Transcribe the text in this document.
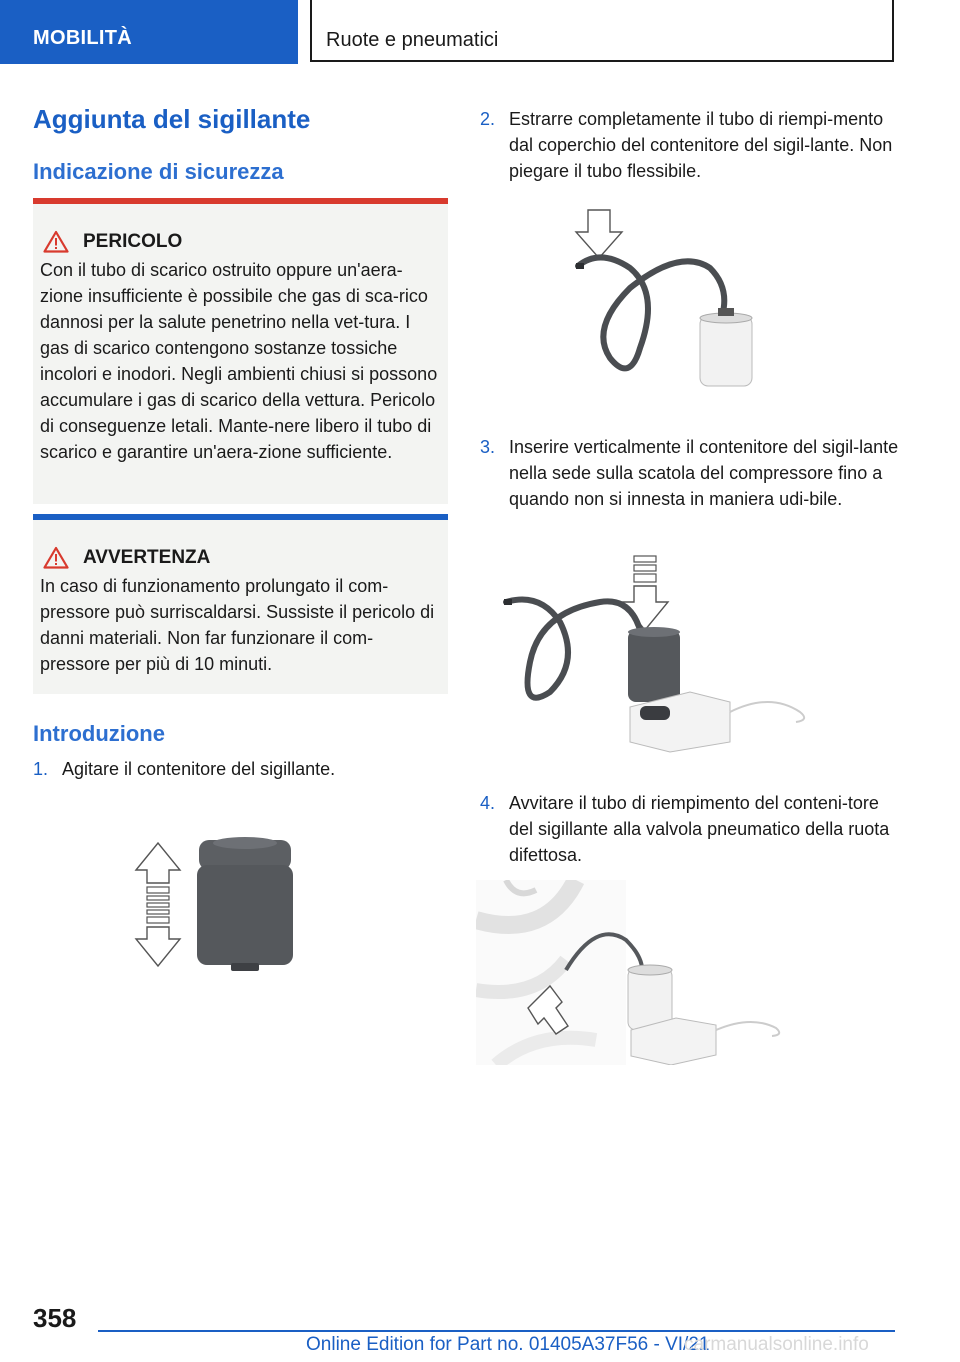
MOBILITÀ	Ruote e pneumatici
Aggiunta del sigillante
Indicazione di sicurezza
PERICOLO
Con il tubo di scarico ostruito oppure un'aera-zione insufficiente è possibile che gas di sca-rico dannosi per la salute penetrino nella vet-tura. I gas di scarico contengono sostanze tossiche incolori e inodori. Negli ambienti chiusi si possono accumulare i gas di scarico della vettura. Pericolo di conseguenze letali. Mante-nere libero il tubo di scarico e garantire un'aera-zione sufficiente.
AVVERTENZA
In caso di funzionamento prolungato il com-pressore può surriscaldarsi. Sussiste il pericolo di danni materiali. Non far funzionare il com-pressore per più di 10 minuti.
Introduzione
1. Agitare il contenitore del sigillante.
2. Estrarre completamente il tubo di riempi-mento dal coperchio del contenitore del sigil-lante. Non piegare il tubo flessibile.
3. Inserire verticalmente il contenitore del sigil-lante nella sede sulla scatola del compressore fino a quando non si innesta in maniera udi-bile.
4. Avvitare il tubo di riempimento del conteni-tore del sigillante alla valvola pneumatico della ruota difettosa.
358
Online Edition for Part no. 01405A37F56 - VI/21
carmanualsonline.info
